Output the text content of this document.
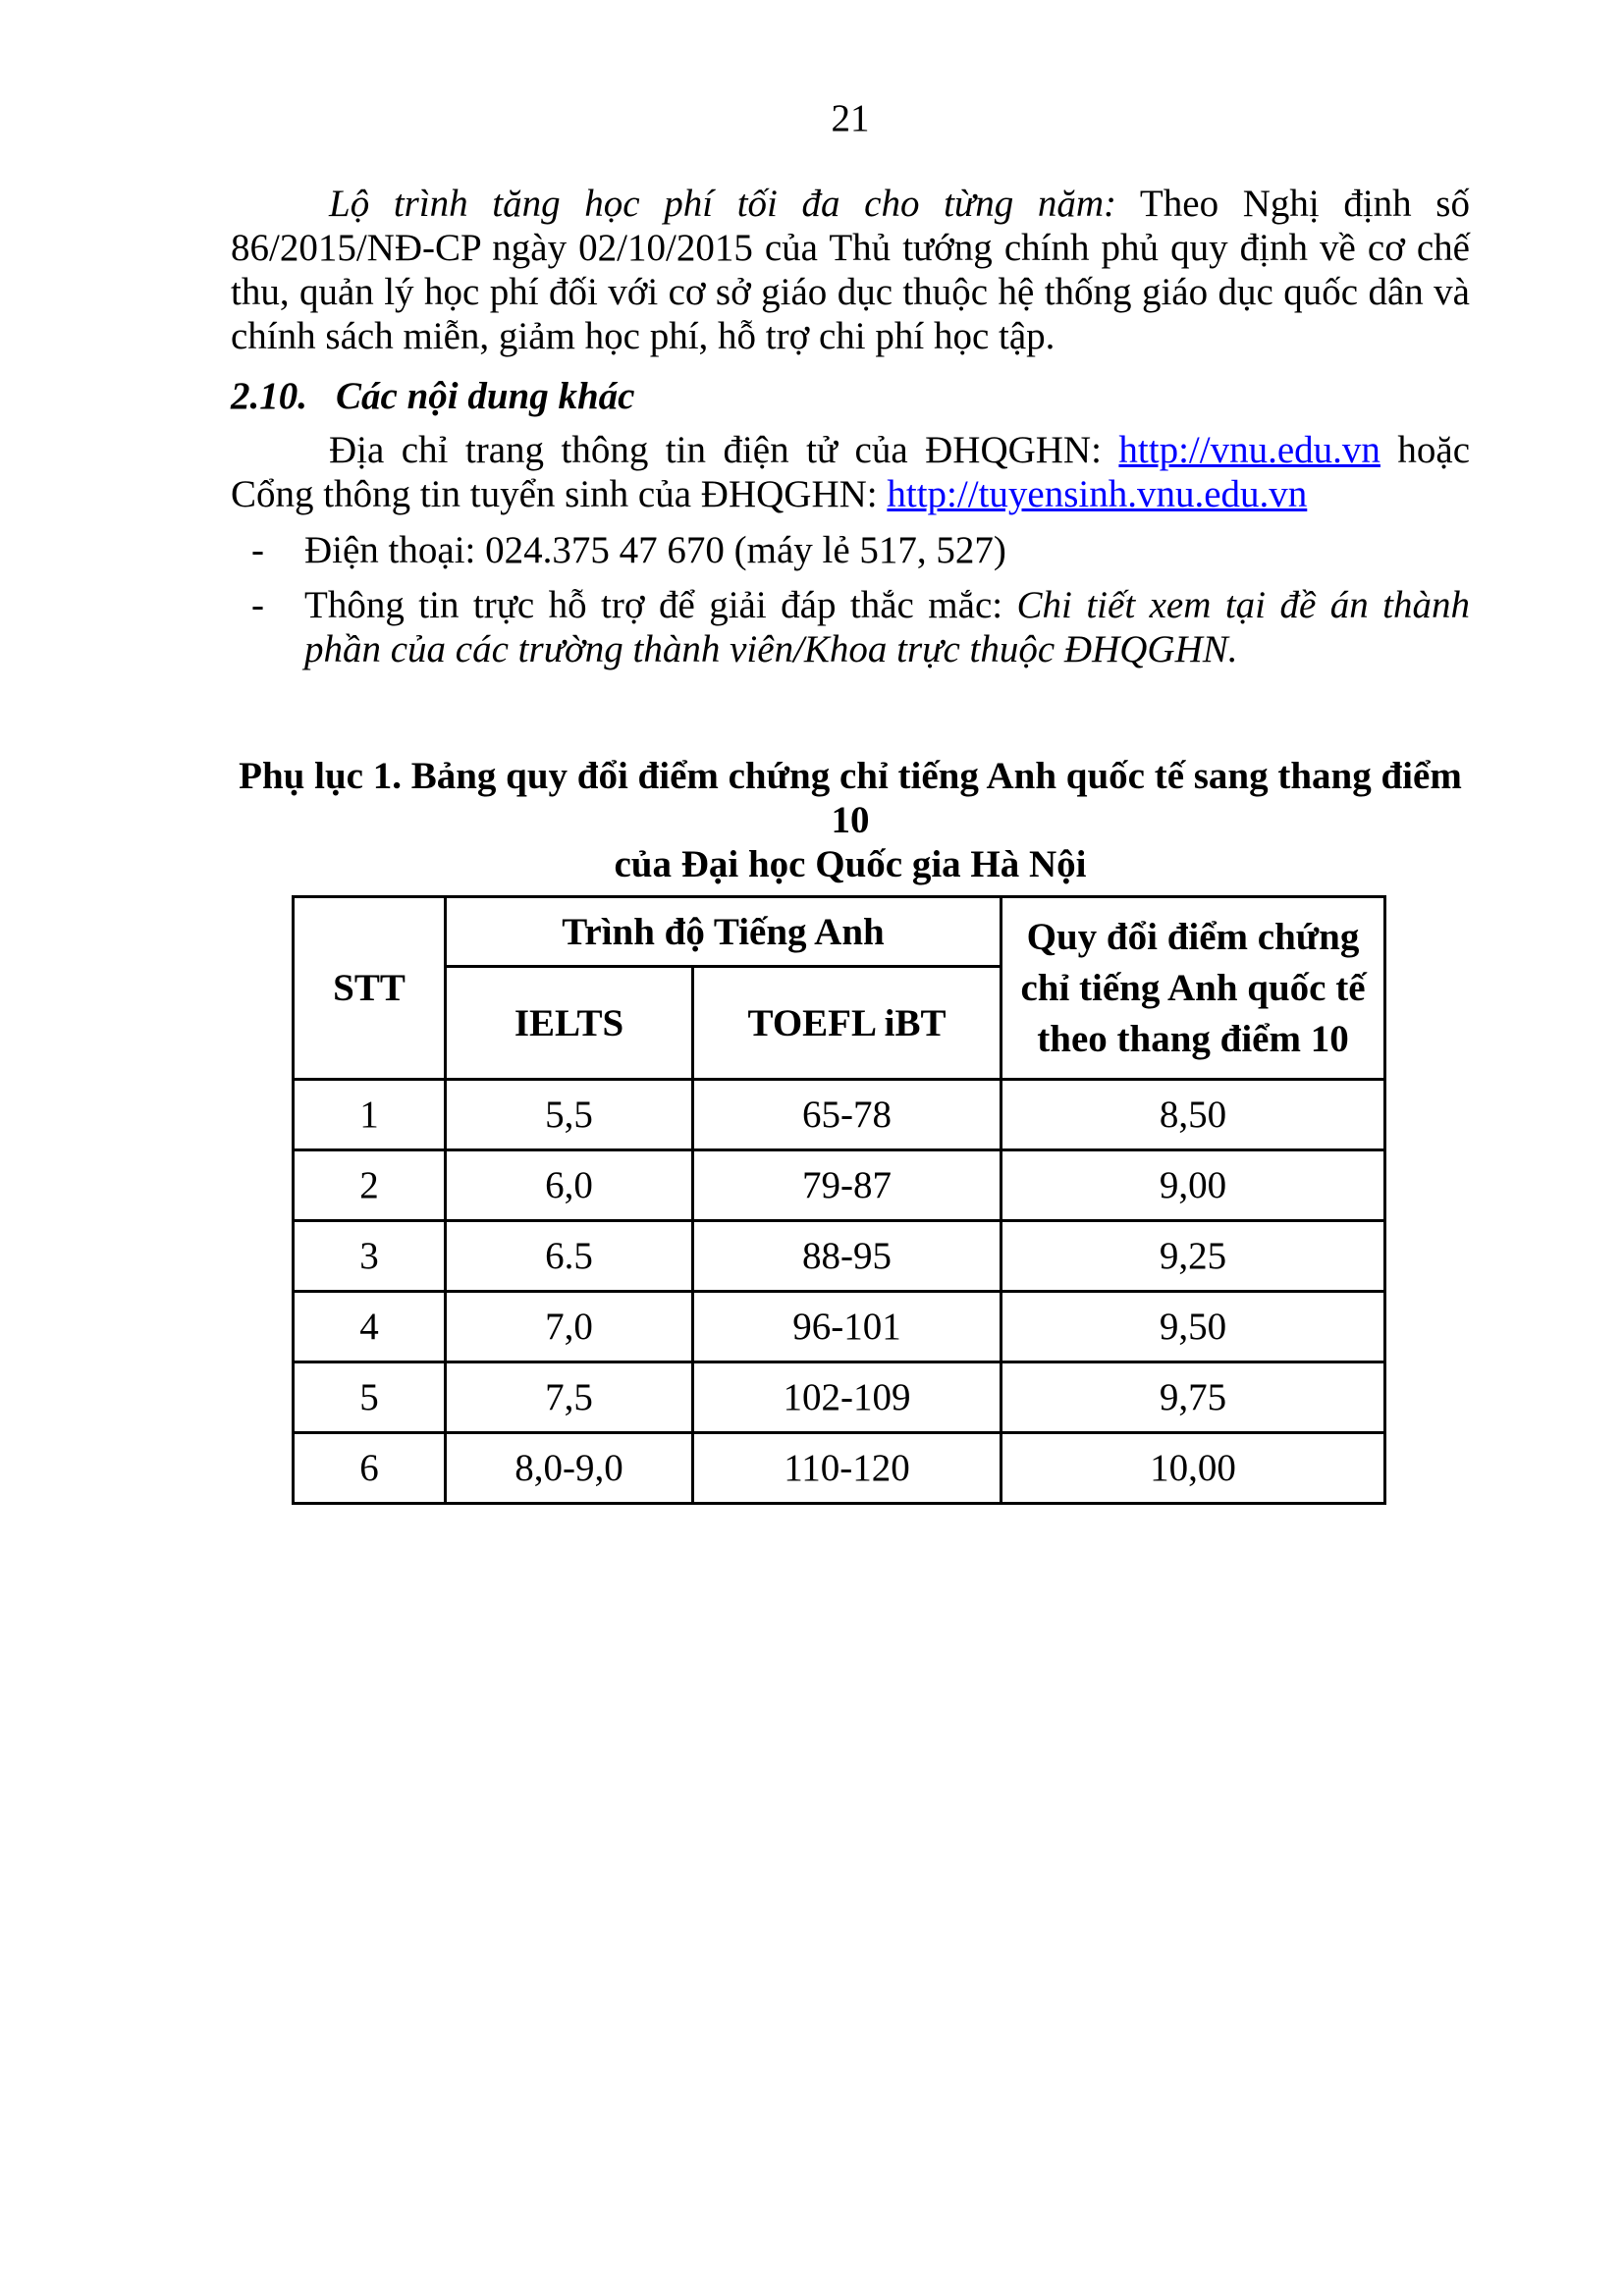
21

Lộ trình tăng học phí tối đa cho từng năm: Theo Nghị định số 86/2015/NĐ-CP ngày 02/10/2015 của Thủ tướng chính phủ quy định về cơ chế thu, quản lý học phí đối với cơ sở giáo dục thuộc hệ thống giáo dục quốc dân và chính sách miễn, giảm học phí, hỗ trợ chi phí học tập.

2.10. Các nội dung khác

Địa chỉ trang thông tin điện tử của ĐHQGHN: http://vnu.edu.vn hoặc Cổng thông tin tuyển sinh của ĐHQGHN: http://tuyensinh.vnu.edu.vn

- Điện thoại: 024.375 47 670 (máy lẻ 517, 527)
- Thông tin trực hỗ trợ để giải đáp thắc mắc: Chi tiết xem tại đề án thành phần của các trường thành viên/Khoa trực thuộc ĐHQGHN.
Phụ lục 1. Bảng quy đổi điểm chứng chỉ tiếng Anh quốc tế sang thang điểm 10
của Đại học Quốc gia Hà Nội
STT	Trình độ Tiếng Anh		Quy đổi điểm chứng chỉ tiếng Anh quốc tế theo thang điểm 10
	IELTS	TOEFL iBT	
1	5,5	65-78	8,50
2	6,0	79-87	9,00
3	6.5	88-95	9,25
4	7,0	96-101	9,50
5	7,5	102-109	9,75
6	8,0-9,0	110-120	10,00
